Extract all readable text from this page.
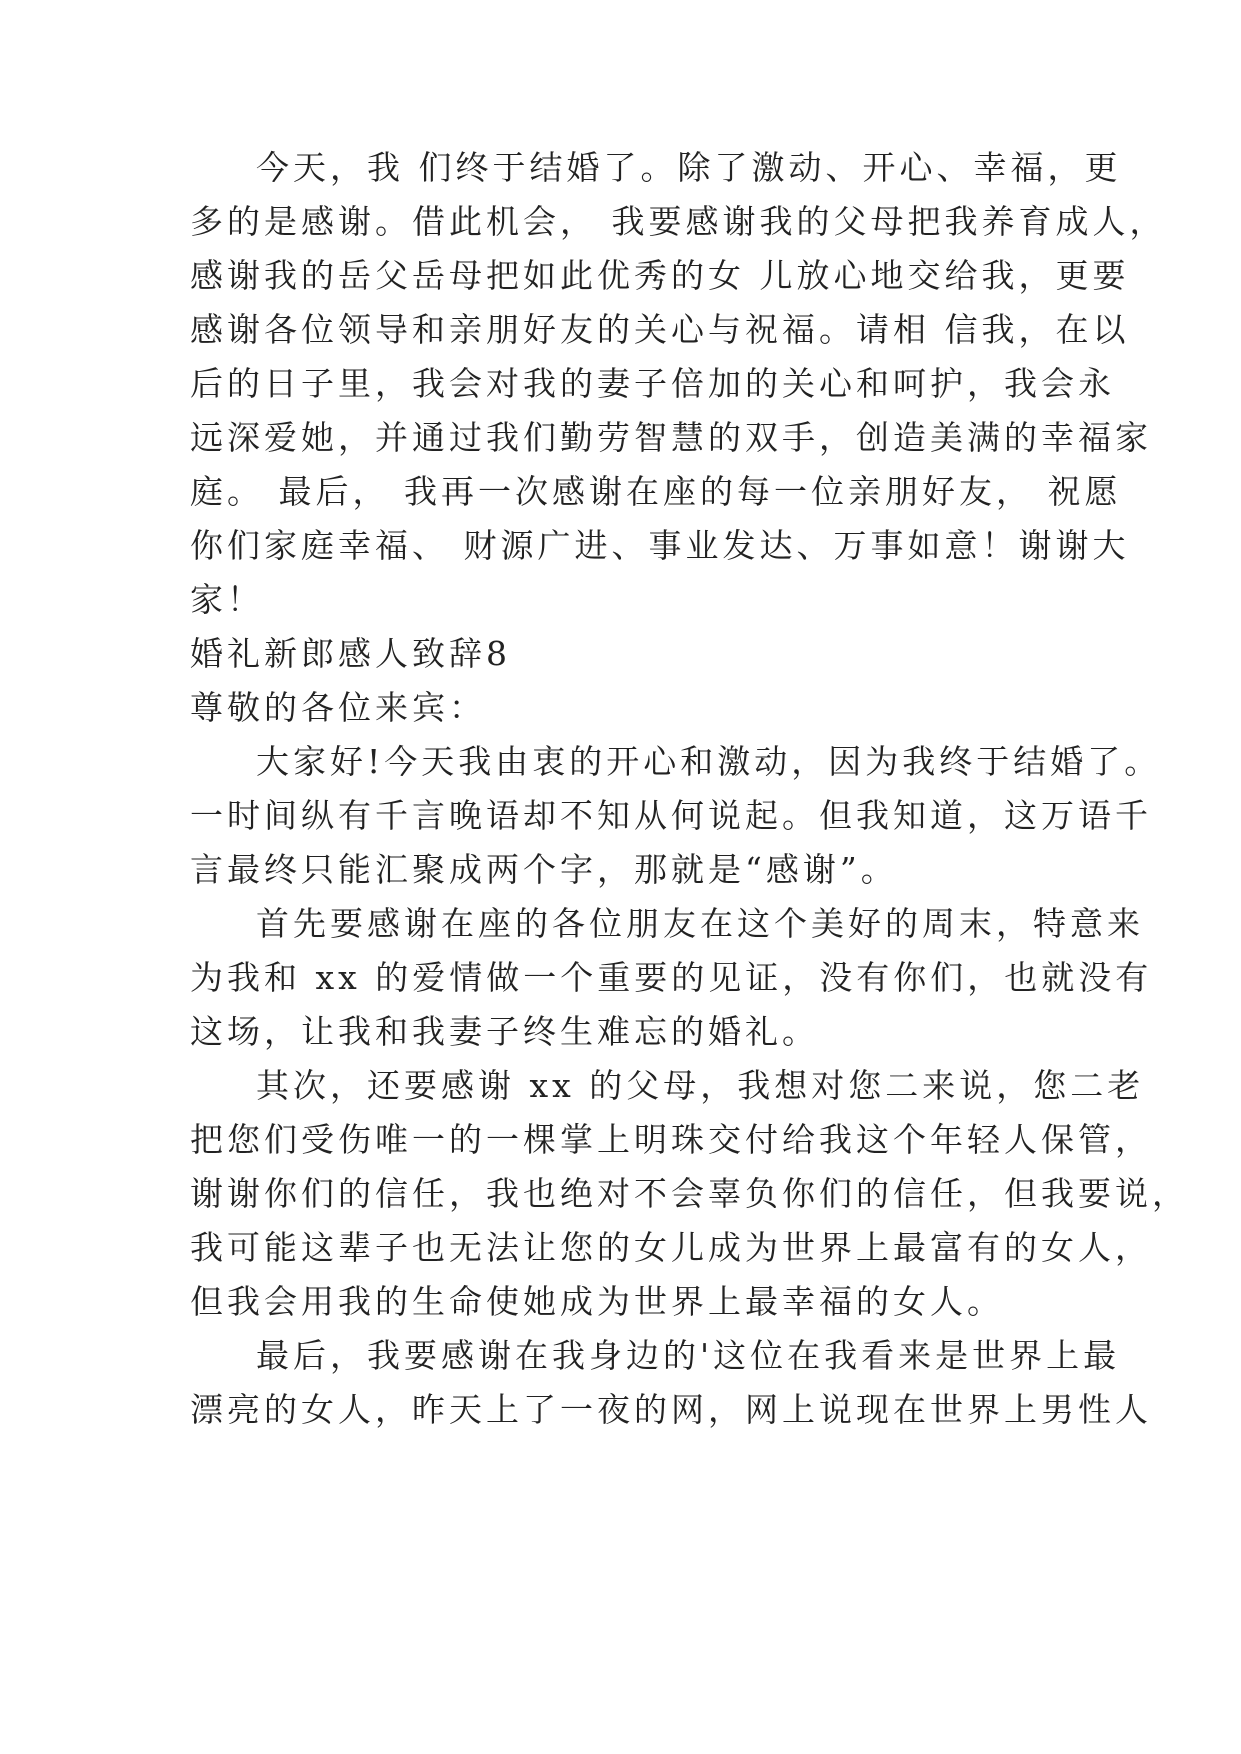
今天，我 们终于结婚了。除了激动、开心、幸福，更
多的是感谢。借此机会， 我要感谢我的父母把我养育成人，
感谢我的岳父岳母把如此优秀的女 儿放心地交给我，更要
感谢各位领导和亲朋好友的关心与祝福。请相 信我，在以
后的日子里，我会对我的妻子倍加的关心和呵护，我会永
远深爱她，并通过我们勤劳智慧的双手，创造美满的幸福家
庭。 最后， 我再一次感谢在座的每一位亲朋好友， 祝愿
你们家庭幸福、 财源广进、事业发达、万事如意！谢谢大
家！
婚礼新郎感人致辞8
尊敬的各位来宾：
大家好!今天我由衷的开心和激动，因为我终于结婚了。
一时间纵有千言晚语却不知从何说起。但我知道，这万语千
言最终只能汇聚成两个字，那就是“感谢”。
首先要感谢在座的各位朋友在这个美好的周末，特意来
为我和 xx 的爱情做一个重要的见证，没有你们，也就没有
这场，让我和我妻子终生难忘的婚礼。
其次，还要感谢 xx 的父母，我想对您二来说，您二老
把您们受伤唯一的一棵掌上明珠交付给我这个年轻人保管，
谢谢你们的信任，我也绝对不会辜负你们的信任，但我要说，
我可能这辈子也无法让您的女儿成为世界上最富有的女人，
但我会用我的生命使她成为世界上最幸福的女人。
最后，我要感谢在我身边的'这位在我看来是世界上最
漂亮的女人，昨天上了一夜的网，网上说现在世界上男性人
